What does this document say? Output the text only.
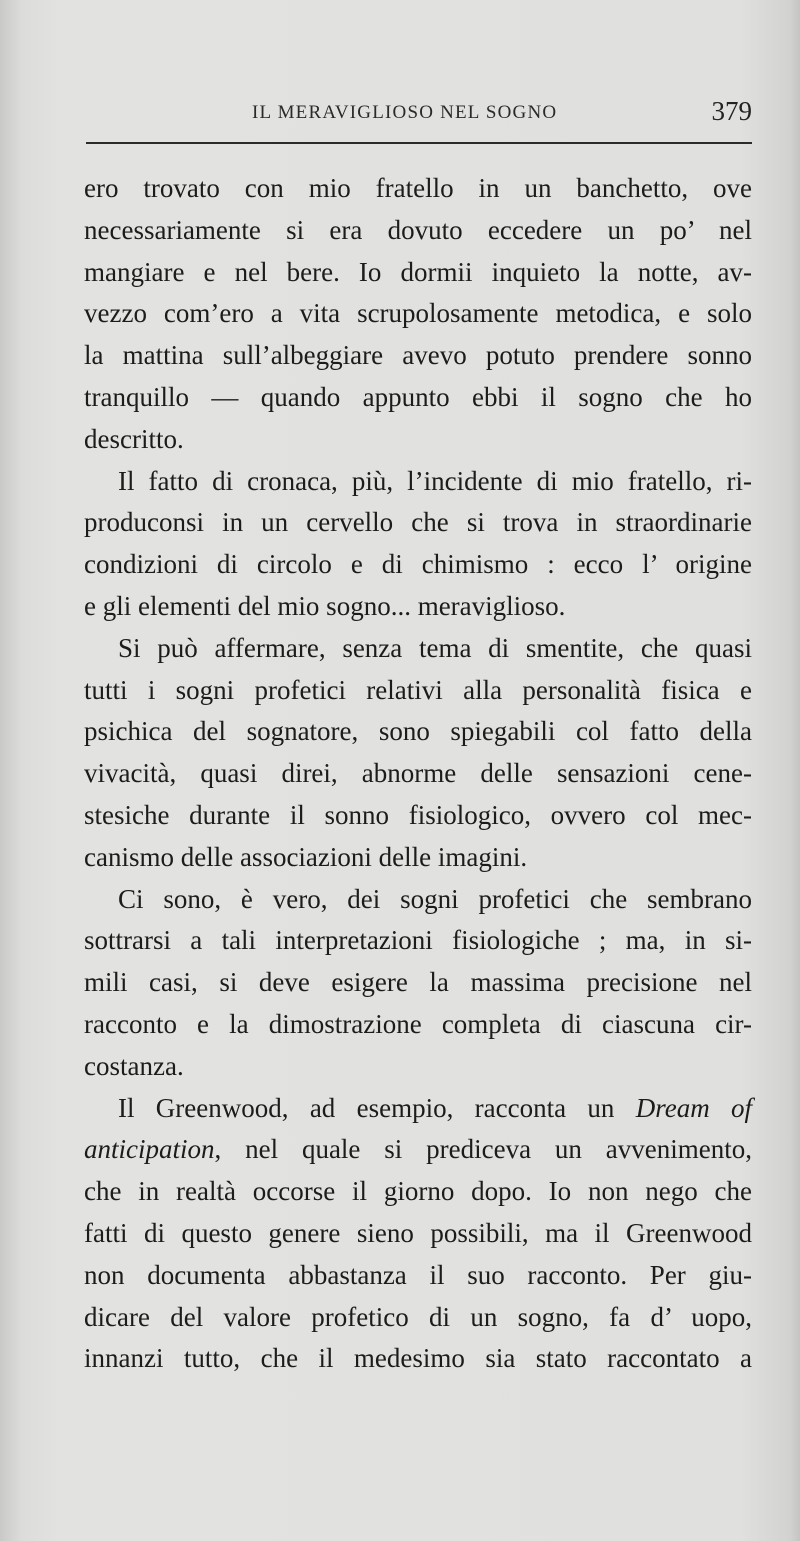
IL MERAVIGLIOSO NEL SOGNO	379
ero trovato con mio fratello in un banchetto, ove
necessariamente si era dovuto eccedere un po’ nel
mangiare e nel bere. Io dormii inquieto la notte, av-
vezzo com’ero a vita scrupolosamente metodica, e solo
la mattina sull’albeggiare avevo potuto prendere sonno
tranquillo — quando appunto ebbi il sogno che ho
descritto.
Il fatto di cronaca, più, l’incidente di mio fratello, ri-
produconsi in un cervello che si trova in straordinarie
condizioni di circolo e di chimismo : ecco l’ origine
e gli elementi del mio sogno... meraviglioso.
Si può affermare, senza tema di smentite, che quasi
tutti i sogni profetici relativi alla personalità fisica e
psichica del sognatore, sono spiegabili col fatto della
vivacità, quasi direi, abnorme delle sensazioni cene-
stesiche durante il sonno fisiologico, ovvero col mec-
canismo delle associazioni delle imagini.
Ci sono, è vero, dei sogni profetici che sembrano
sottrarsi a tali interpretazioni fisiologiche ; ma, in si-
mili casi, si deve esigere la massima precisione nel
racconto e la dimostrazione completa di ciascuna cir-
costanza.
Il Greenwood, ad esempio, racconta un Dream of
anticipation, nel quale si prediceva un avvenimento,
che in realtà occorse il giorno dopo. Io non nego che
fatti di questo genere sieno possibili, ma il Greenwood
non documenta abbastanza il suo racconto. Per giu-
dicare del valore profetico di un sogno, fa d’ uopo,
innanzi tutto, che il medesimo sia stato raccontato a
